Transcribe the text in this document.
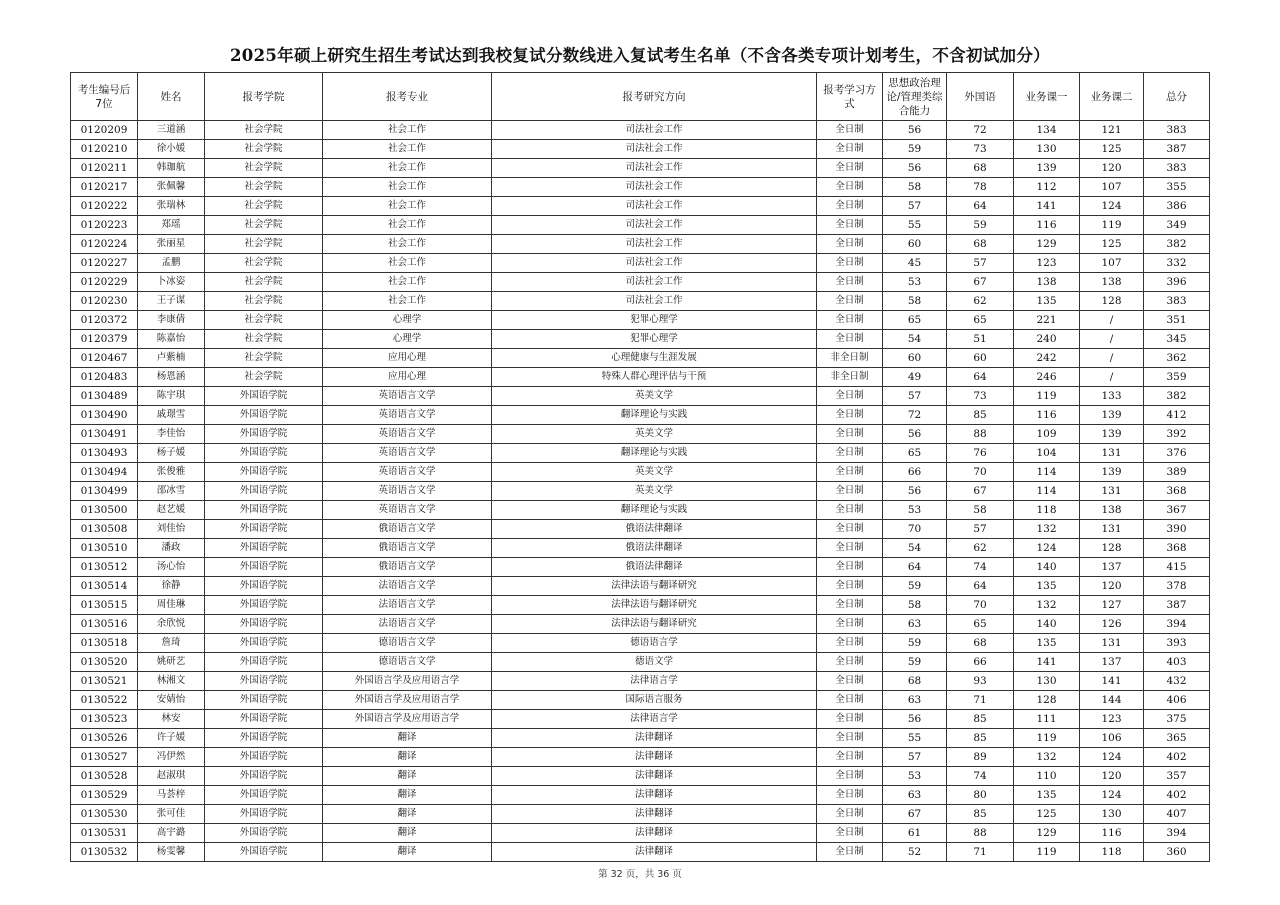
2025年硕上研究生招生考试达到我校复试分数线进入复试考生名单（不含各类专项计划考生，不含初试加分）
考生编号后7位	姓名	报考学院	报考专业	报考研究方向	报考学习方式	思想政治理论/管理类综合能力	外国语	业务课一	业务课二	总分
0120209	三道涵	社会学院	社会工作	司法社会工作	全日制	56	72	134	121	383
0120210	徐小媛	社会学院	社会工作	司法社会工作	全日制	59	73	130	125	387
0120211	韩珈航	社会学院	社会工作	司法社会工作	全日制	56	68	139	120	383
0120217	张佩馨	社会学院	社会工作	司法社会工作	全日制	58	78	112	107	355
0120222	张瑞林	社会学院	社会工作	司法社会工作	全日制	57	64	141	124	386
0120223	郑瑶	社会学院	社会工作	司法社会工作	全日制	55	59	116	119	349
0120224	张丽星	社会学院	社会工作	司法社会工作	全日制	60	68	129	125	382
0120227	孟鹏	社会学院	社会工作	司法社会工作	全日制	45	57	123	107	332
0120229	卜冰姿	社会学院	社会工作	司法社会工作	全日制	53	67	138	138	396
0120230	王子谋	社会学院	社会工作	司法社会工作	全日制	58	62	135	128	383
0120372	李康倩	社会学院	心理学	犯罪心理学	全日制	65	65	221	/	351
0120379	陈嘉怡	社会学院	心理学	犯罪心理学	全日制	54	51	240	/	345
0120467	卢紫楠	社会学院	应用心理	心理健康与生涯发展	非全日制	60	60	242	/	362
0120483	杨恩涵	社会学院	应用心理	特殊人群心理评估与干预	非全日制	49	64	246	/	359
0130489	陈宇琪	外国语学院	英语语言文学	英美文学	全日制	57	73	119	133	382
0130490	戚璟雪	外国语学院	英语语言文学	翻译理论与实践	全日制	72	85	116	139	412
0130491	李佳怡	外国语学院	英语语言文学	英美文学	全日制	56	88	109	139	392
0130493	杨子媛	外国语学院	英语语言文学	翻译理论与实践	全日制	65	76	104	131	376
0130494	张俊雅	外国语学院	英语语言文学	英美文学	全日制	66	70	114	139	389
0130499	邵冰雪	外国语学院	英语语言文学	英美文学	全日制	56	67	114	131	368
0130500	赵艺媛	外国语学院	英语语言文学	翻译理论与实践	全日制	53	58	118	138	367
0130508	刘佳怡	外国语学院	俄语语言文学	俄语法律翻译	全日制	70	57	132	131	390
0130510	潘政	外国语学院	俄语语言文学	俄语法律翻译	全日制	54	62	124	128	368
0130512	汤心怡	外国语学院	俄语语言文学	俄语法律翻译	全日制	64	74	140	137	415
0130514	徐静	外国语学院	法语语言文学	法律法语与翻译研究	全日制	59	64	135	120	378
0130515	周佳琳	外国语学院	法语语言文学	法律法语与翻译研究	全日制	58	70	132	127	387
0130516	余欣悦	外国语学院	法语语言文学	法律法语与翻译研究	全日制	63	65	140	126	394
0130518	詹琦	外国语学院	德语语言文学	德语语言学	全日制	59	68	135	131	393
0130520	姚研艺	外国语学院	德语语言文学	德语文学	全日制	59	66	141	137	403
0130521	林湘文	外国语学院	外国语言学及应用语言学	法律语言学	全日制	68	93	130	141	432
0130522	安婧怡	外国语学院	外国语言学及应用语言学	国际语言服务	全日制	63	71	128	144	406
0130523	林安	外国语学院	外国语言学及应用语言学	法律语言学	全日制	56	85	111	123	375
0130526	许子媛	外国语学院	翻译	法律翻译	全日制	55	85	119	106	365
0130527	冯伊然	外国语学院	翻译	法律翻译	全日制	57	89	132	124	402
0130528	赵淑琪	外国语学院	翻译	法律翻译	全日制	53	74	110	120	357
0130529	马荟梓	外国语学院	翻译	法律翻译	全日制	63	80	135	124	402
0130530	张可佳	外国语学院	翻译	法律翻译	全日制	67	85	125	130	407
0130531	高宇潞	外国语学院	翻译	法律翻译	全日制	61	88	129	116	394
0130532	杨雯馨	外国语学院	翻译	法律翻译	全日制	52	71	119	118	360
第 32 页，共 36 页
